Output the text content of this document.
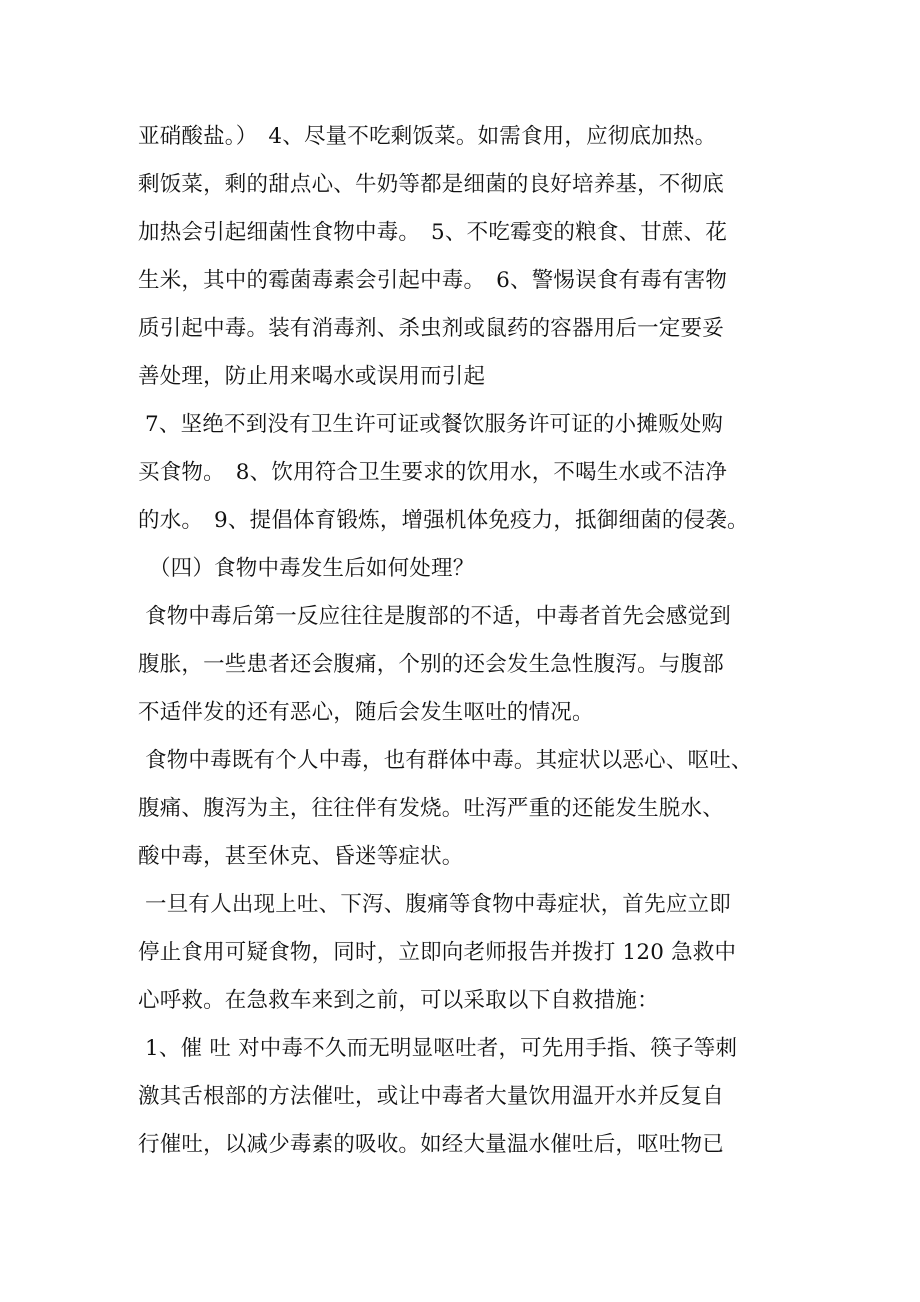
亚硝酸盐。）　4、尽量不吃剩饭菜。如需食用，应彻底加热。
剩饭菜，剩的甜点心、牛奶等都是细菌的良好培养基，不彻底
加热会引起细菌性食物中毒。　5、不吃霉变的粮食、甘蔗、花
生米，其中的霉菌毒素会引起中毒。　6、警惕误食有毒有害物
质引起中毒。装有消毒剂、杀虫剂或鼠药的容器用后一定要妥
善处理，防止用来喝水或误用而引起
7、坚绝不到没有卫生许可证或餐饮服务许可证的小摊贩处购
买食物。　8、饮用符合卫生要求的饮用水，不喝生水或不洁净
的水。　9、提倡体育锻炼，增强机体免疫力，抵御细菌的侵袭。
　（四）食物中毒发生后如何处理？
食物中毒后第一反应往往是腹部的不适，中毒者首先会感觉到
腹胀，一些患者还会腹痛，个别的还会发生急性腹泻。与腹部
不适伴发的还有恶心，随后会发生呕吐的情况。
食物中毒既有个人中毒，也有群体中毒。其症状以恶心、呕吐、
腹痛、腹泻为主，往往伴有发烧。吐泻严重的还能发生脱水、
酸中毒，甚至休克、昏迷等症状。
一旦有人出现上吐、下泻、腹痛等食物中毒症状，首先应立即
停止食用可疑食物，同时，立即向老师报告并拨打 120 急救中
心呼救。在急救车来到之前，可以采取以下自救措施：
1、催 吐 对中毒不久而无明显呕吐者，可先用手指、筷子等刺
激其舌根部的方法催吐，或让中毒者大量饮用温开水并反复自
行催吐，以减少毒素的吸收。如经大量温水催吐后，呕吐物已
